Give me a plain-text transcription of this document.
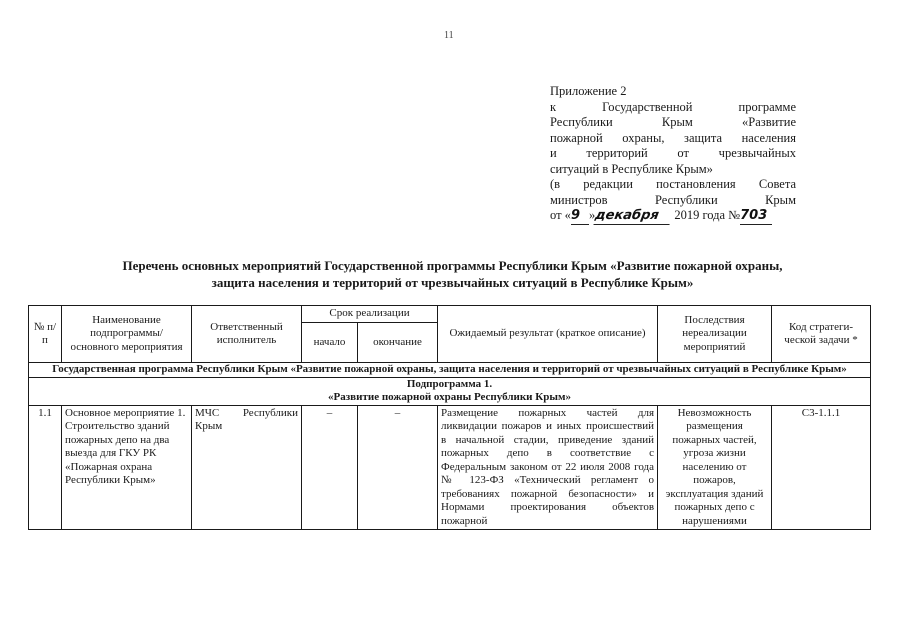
11
Приложение 2
к Государственной программе
Республики Крым «Развитие
пожарной охраны, защита населения
и территорий от чрезвычайных
ситуаций в Республике Крым»
(в редакции постановления Совета
министров Республики Крым
от «9 »декабря 2019 года №703
Перечень основных мероприятий Государственной программы Республики Крым «Развитие пожарной охраны,
защита населения и территорий от чрезвычайных ситуаций в Республике Крым»
№ п/п	Наименование подпрограммы/ основного мероприятия	Ответственный исполнитель	Срок реализации		Ожидаемый результат (краткое описание)	Последствия нереализации мероприятий	Код стратеги-ческой задачи *
			начало	окончание			
Государственная программа Республики Крым «Развитие пожарной охраны, защита населения и территорий от чрезвычайных ситуаций в Республике Крым»							

Подпрограмма 1.
«Развитие пожарной охраны Республики Крым»							

1.1	Основное мероприятие 1. Строительство зданий пожарных депо на два выезда для ГКУ РК «Пожарная охрана Республики Крым»	МЧС Республики Крым	–	–	Размещение пожарных частей для ликвидации пожаров и иных происшествий в начальной стадии, приведение зданий пожарных депо в соответствие с Федеральным законом от 22 июля 2008 года № 123-ФЗ «Технический регламент о требованиях пожарной безопасности» и Нормами проектирования объектов пожарной	Невозможность размещения пожарных частей, угроза жизни населению от пожаров, эксплуатация зданий пожарных депо с нарушениями	С3-1.1.1
